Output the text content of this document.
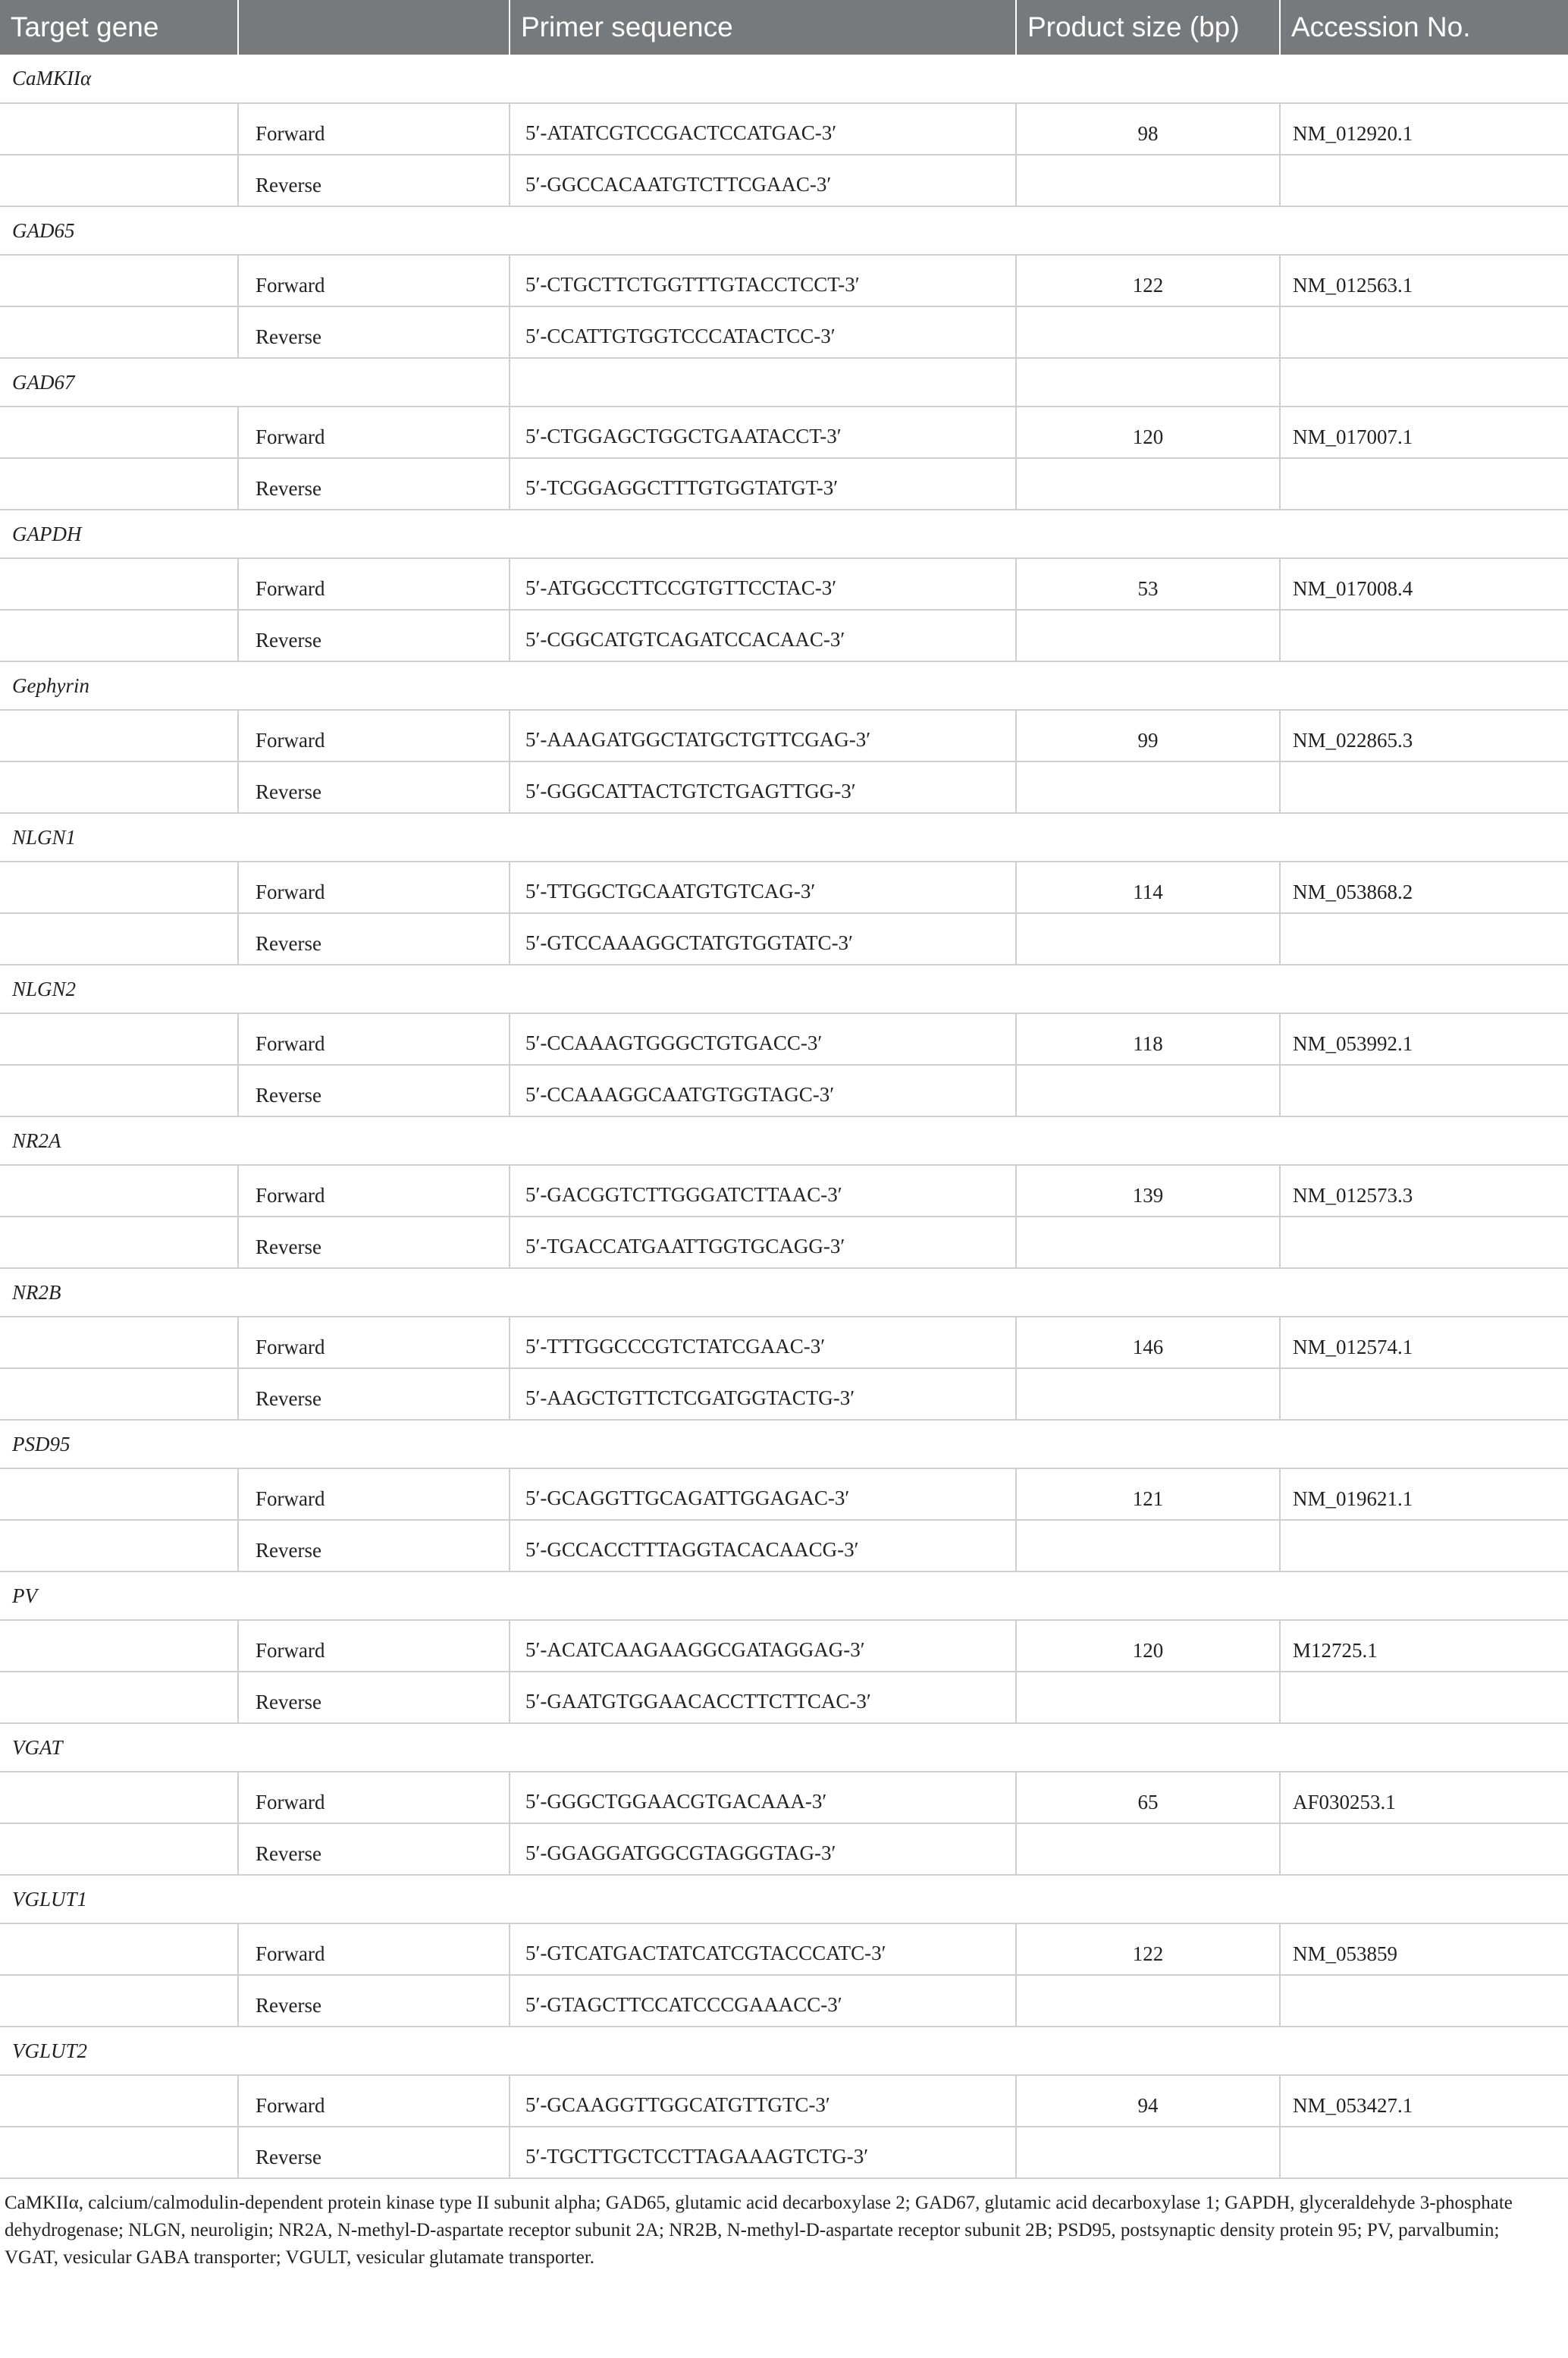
Target gene		Primer sequence	Product size (bp)	Accession No.
CaMKIIα				
	Forward	5′-ATATCGTCCGACTCCATGAC-3′	98	NM_012920.1
	Reverse	5′-GGCCACAATGTCTTCGAAC-3′		
GAD65				
	Forward	5′-CTGCTTCTGGTTTGTACCTCCT-3′	122	NM_012563.1
	Reverse	5′-CCATTGTGGTCCCATACTCC-3′		
GAD67				
	Forward	5′-CTGGAGCTGGCTGAATACCT-3′	120	NM_017007.1
	Reverse	5′-TCGGAGGCTTTGTGGTATGT-3′		
GAPDH				
	Forward	5′-ATGGCCTTCCGTGTTCCTAC-3′	53	NM_017008.4
	Reverse	5′-CGGCATGTCAGATCCACAAC-3′		
Gephyrin				
	Forward	5′-AAAGATGGCTATGCTGTTCGAG-3′	99	NM_022865.3
	Reverse	5′-GGGCATTACTGTCTGAGTTGG-3′		
NLGN1				
	Forward	5′-TTGGCTGCAATGTGTCAG-3′	114	NM_053868.2
	Reverse	5′-GTCCAAAGGCTATGTGGTATC-3′		
NLGN2				
	Forward	5′-CCAAAGTGGGCTGTGACC-3′	118	NM_053992.1
	Reverse	5′-CCAAAGGCAATGTGGTAGC-3′		
NR2A				
	Forward	5′-GACGGTCTTGGGATCTTAAC-3′	139	NM_012573.3
	Reverse	5′-TGACCATGAATTGGTGCAGG-3′		
NR2B				
	Forward	5′-TTTGGCCCGTCTATCGAAC-3′	146	NM_012574.1
	Reverse	5′-AAGCTGTTCTCGATGGTACTG-3′		
PSD95				
	Forward	5′-GCAGGTTGCAGATTGGAGAC-3′	121	NM_019621.1
	Reverse	5′-GCCACCTTTAGGTACACAACG-3′		
PV				
	Forward	5′-ACATCAAGAAGGCGATAGGAG-3′	120	M12725.1
	Reverse	5′-GAATGTGGAACACCTTCTTCAC-3′		
VGAT				
	Forward	5′-GGGCTGGAACGTGACAAA-3′	65	AF030253.1
	Reverse	5′-GGAGGATGGCGTAGGGTAG-3′		
VGLUT1				
	Forward	5′-GTCATGACTATCATCGTACCCATC-3′	122	NM_053859
	Reverse	5′-GTAGCTTCCATCCCGAAACC-3′		
VGLUT2				
	Forward	5′-GCAAGGTTGGCATGTTGTC-3′	94	NM_053427.1
	Reverse	5′-TGCTTGCTCCTTAGAAAGTCTG-3′		
CaMKIIα, calcium/calmodulin-dependent protein kinase type II subunit alpha; GAD65, glutamic acid decarboxylase 2; GAD67, glutamic acid decarboxylase 1; GAPDH, glyceraldehyde 3-phosphate dehydrogenase; NLGN, neuroligin; NR2A, N-methyl-D-aspartate receptor subunit 2A; NR2B, N-methyl-D-aspartate receptor subunit 2B; PSD95, postsynaptic density protein 95; PV, parvalbumin; VGAT, vesicular GABA transporter; VGULT, vesicular glutamate transporter.
